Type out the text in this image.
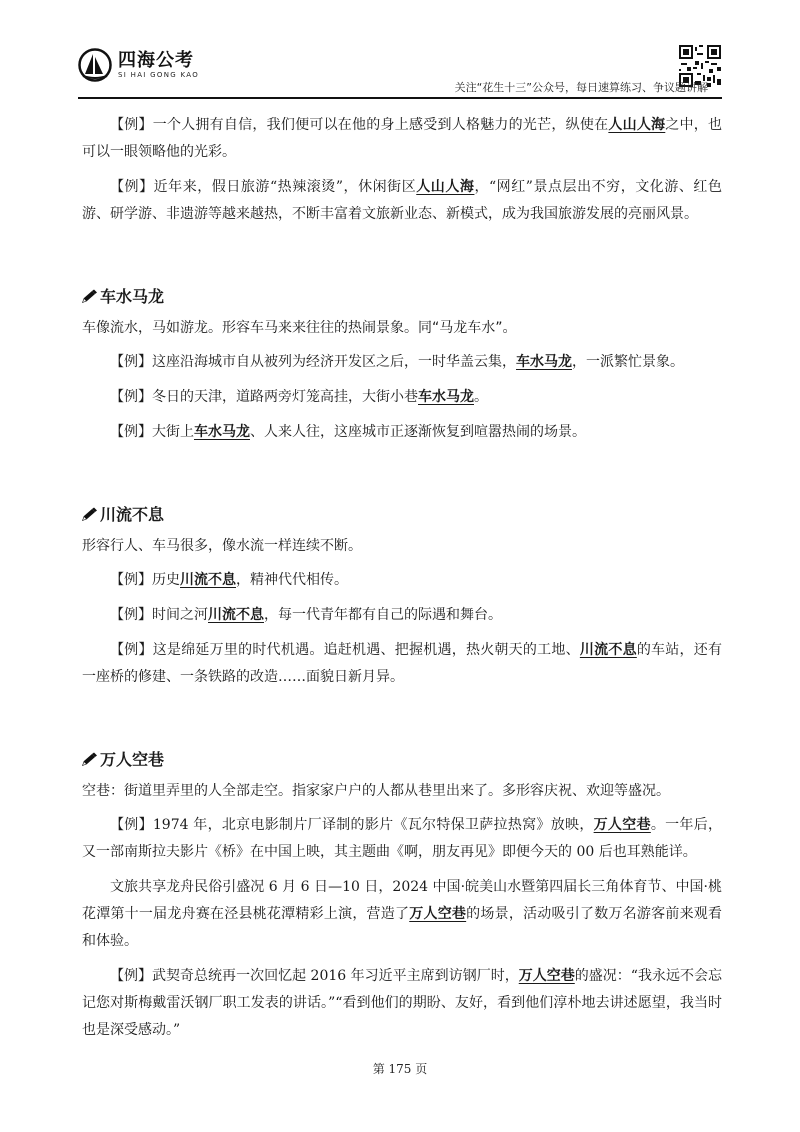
四海公考
SI HAI GONG KAO
关注“花生十三”公众号，每日速算练习、争议题讲解

【例】一个人拥有自信，我们便可以在他的身上感受到人格魅力的光芒，纵使在人山人海之中，也可以一眼领略他的光彩。

【例】近年来，假日旅游“热辣滚烫”，休闲街区人山人海，“网红”景点层出不穷，文化游、红色游、研学游、非遗游等越来越热，不断丰富着文旅新业态、新模式，成为我国旅游发展的亮丽风景。

车水马龙

车像流水，马如游龙。形容车马来来往往的热闹景象。同“马龙车水”。

【例】这座沿海城市自从被列为经济开发区之后，一时华盖云集，车水马龙，一派繁忙景象。

【例】冬日的天津，道路两旁灯笼高挂，大街小巷车水马龙。

【例】大街上车水马龙、人来人往，这座城市正逐渐恢复到喧嚣热闹的场景。

川流不息

形容行人、车马很多，像水流一样连续不断。

【例】历史川流不息，精神代代相传。

【例】时间之河川流不息，每一代青年都有自己的际遇和舞台。

【例】这是绵延万里的时代机遇。追赶机遇、把握机遇，热火朝天的工地、川流不息的车站，还有一座桥的修建、一条铁路的改造……面貌日新月异。

万人空巷

空巷：街道里弄里的人全部走空。指家家户户的人都从巷里出来了。多形容庆祝、欢迎等盛况。

【例】1974 年，北京电影制片厂译制的影片《瓦尔特保卫萨拉热窝》放映，万人空巷。一年后，又一部南斯拉夫影片《桥》在中国上映，其主题曲《啊，朋友再见》即便今天的 00 后也耳熟能详。

文旅共享龙舟民俗引盛况 6 月 6 日—10 日，2024 中国·皖美山水暨第四届长三角体育节、中国·桃花潭第十一届龙舟赛在泾县桃花潭精彩上演，营造了万人空巷的场景，活动吸引了数万名游客前来观看和体验。

【例】武契奇总统再一次回忆起 2016 年习近平主席到访钢厂时，万人空巷的盛况：“我永远不会忘记您对斯梅戴雷沃钢厂职工发表的讲话。”“看到他们的期盼、友好，看到他们淳朴地去讲述愿望，我当时也是深受感动。”

第 175 页
